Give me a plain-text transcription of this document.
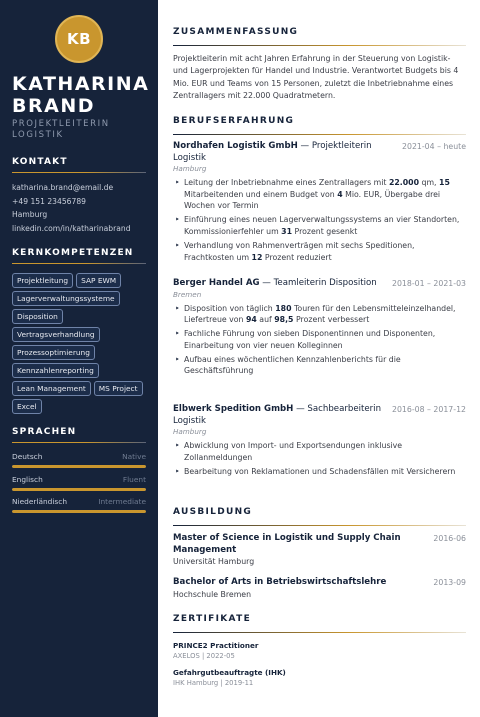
KB
KATHARINA
BRAND
PROJEKTLEITERIN
LOGISTIK
KONTAKT
katharina.brand@email.de
+49 151 23456789
Hamburg
linkedin.com/in/katharinabrand
KERNKOMPETENZEN
Projektleitung	SAP EWM
Lagerverwaltungssysteme
Disposition
Vertragsverhandlung
Prozessoptimierung
Kennzahlenreporting
Lean Management	MS Project
Excel
SPRACHEN
Deutsch	Native
Englisch	Fluent
Niederländisch	Intermediate
ZUSAMMENFASSUNG

Projektleiterin mit acht Jahren Erfahrung in der Steuerung von Logistik- und Lagerprojekten für Handel und Industrie. Verantwortet Budgets bis 4 Mio. EUR und Teams von 15 Personen, zuletzt die Inbetriebnahme eines Zentrallagers mit 22.000 Quadratmetern.

BERUFSERFAHRUNG
Nordhafen Logistik GmbH — Projektleiterin Logistik
2021-04 – heute
Hamburg
‣ Leitung der Inbetriebnahme eines Zentrallagers mit 22.000 qm, 15 Mitarbeitenden und einem Budget von 4 Mio. EUR, Übergabe drei Wochen vor Termin
‣ Einführung eines neuen Lagerverwaltungssystems an vier Standorten, Kommissionierfehler um 31 Prozent gesenkt
‣ Verhandlung von Rahmenverträgen mit sechs Speditionen, Frachtkosten um 12 Prozent reduziert
Berger Handel AG — Teamleiterin Disposition 2018-01 – 2021-03
Bremen
‣ Disposition von täglich 180 Touren für den Lebensmitteleinzelhandel, Liefertreue von 94 auf 98,5 Prozent verbessert
‣ Fachliche Führung von sieben Disponentinnen und Disponenten, Einarbeitung von vier neuen Kolleginnen
‣ Aufbau eines wöchentlichen Kennzahlenberichts für die Geschäftsführung
Elbwerk Spedition GmbH — Sachbearbeiterin Logistik
2016-08 – 2017-12
Hamburg
‣ Abwicklung von Import- und Exportsendungen inklusive Zollanmeldungen
‣ Bearbeitung von Reklamationen und Schadensfällen mit Versicherern
AUSBILDUNG
Master of Science in Logistik und Supply Chain Management
2016-06
Universität Hamburg
Bachelor of Arts in Betriebswirtschaftslehre	2013-09
Hochschule Bremen
ZERTIFIKATE
PRINCE2 Practitioner
AXELOS | 2022-05
Gefahrgutbeauftragte (IHK)
IHK Hamburg | 2019-11
